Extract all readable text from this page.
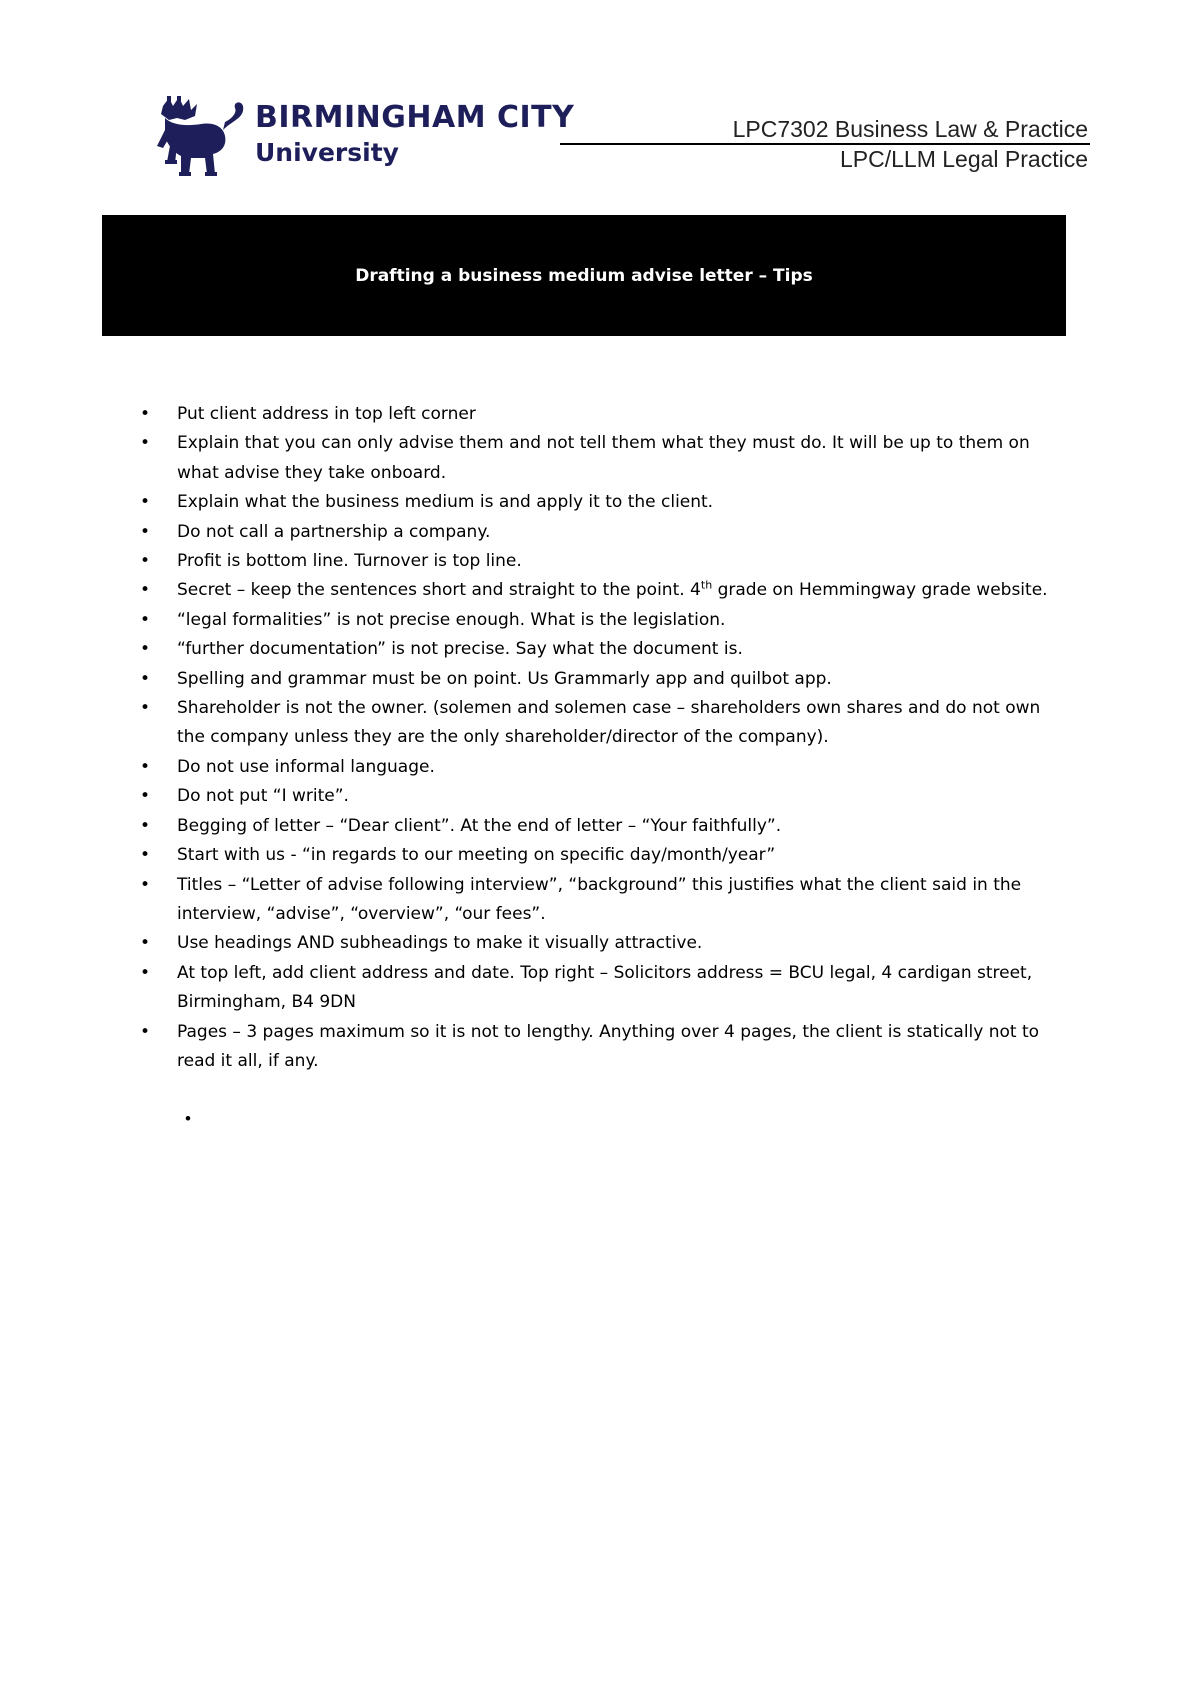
BIRMINGHAM CITY
University
LPC7302 Business Law & Practice
LPC/LLM Legal Practice
Drafting a business medium advise letter – Tips
• Put client address in top left corner
• Explain that you can only advise them and not tell them what they must do. It will be up to them on what advise they take onboard.
• Explain what the business medium is and apply it to the client.
• Do not call a partnership a company.
• Profit is bottom line. Turnover is top line.
• Secret – keep the sentences short and straight to the point. 4th grade on Hemmingway grade website.
• “legal formalities” is not precise enough. What is the legislation.
• “further documentation” is not precise. Say what the document is.
• Spelling and grammar must be on point. Us Grammarly app and quilbot app.
• Shareholder is not the owner. (solemen and solemen case – shareholders own shares and do not own the company unless they are the only shareholder/director of the company).
• Do not use informal language.
• Do not put “I write”.
• Begging of letter – “Dear client”. At the end of letter – “Your faithfully”.
• Start with us - “in regards to our meeting on specific day/month/year”
• Titles – “Letter of advise following interview”, “background” this justifies what the client said in the interview, “advise”, “overview”, “our fees”.
• Use headings AND subheadings to make it visually attractive.
• At top left, add client address and date. Top right – Solicitors address = BCU legal, 4 cardigan street, Birmingham, B4 9DN
• Pages – 3 pages maximum so it is not to lengthy. Anything over 4 pages, the client is statically not to read it all, if any.
•
